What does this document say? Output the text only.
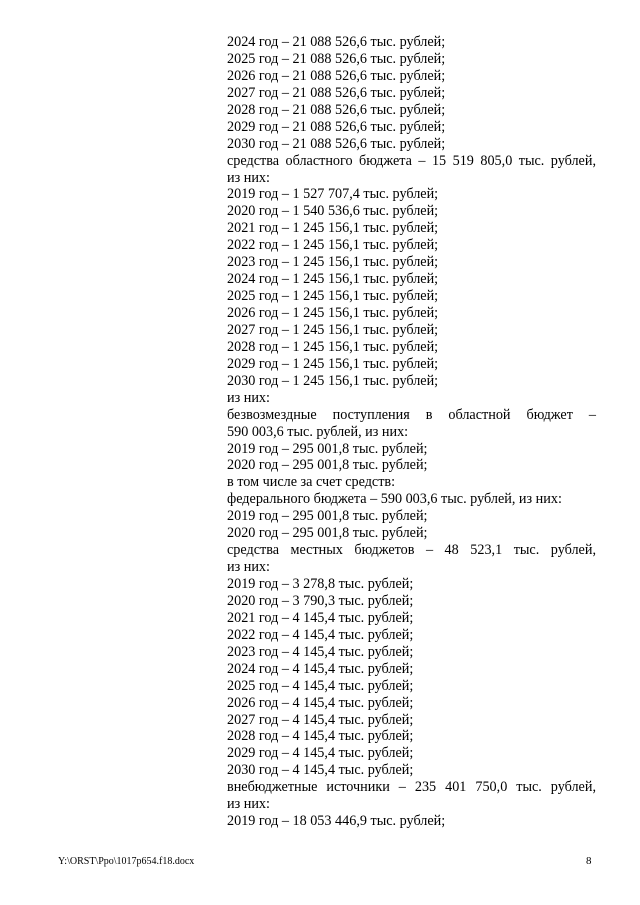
2024 год – 21 088 526,6 тыс. рублей;
2025 год – 21 088 526,6 тыс. рублей;
2026 год – 21 088 526,6 тыс. рублей;
2027 год – 21 088 526,6 тыс. рублей;
2028 год – 21 088 526,6 тыс. рублей;
2029 год – 21 088 526,6 тыс. рублей;
2030 год – 21 088 526,6 тыс. рублей;
средства областного бюджета – 15 519 805,0 тыс. рублей,
из них:
2019 год – 1 527 707,4 тыс. рублей;
2020 год – 1 540 536,6 тыс. рублей;
2021 год – 1 245 156,1 тыс. рублей;
2022 год – 1 245 156,1 тыс. рублей;
2023 год – 1 245 156,1 тыс. рублей;
2024 год – 1 245 156,1 тыс. рублей;
2025 год – 1 245 156,1 тыс. рублей;
2026 год – 1 245 156,1 тыс. рублей;
2027 год – 1 245 156,1 тыс. рублей;
2028 год – 1 245 156,1 тыс. рублей;
2029 год – 1 245 156,1 тыс. рублей;
2030 год – 1 245 156,1 тыс. рублей;
из них:
безвозмездные поступления в областной бюджет –
590 003,6 тыс. рублей, из них:
2019 год – 295 001,8 тыс. рублей;
2020 год – 295 001,8 тыс. рублей;
в том числе за счет средств:
федерального бюджета – 590 003,6 тыс. рублей, из них:
2019 год – 295 001,8 тыс. рублей;
2020 год – 295 001,8 тыс. рублей;
средства местных бюджетов – 48 523,1 тыс. рублей,
из них:
2019 год – 3 278,8 тыс. рублей;
2020 год – 3 790,3 тыс. рублей;
2021 год – 4 145,4 тыс. рублей;
2022 год – 4 145,4 тыс. рублей;
2023 год – 4 145,4 тыс. рублей;
2024 год – 4 145,4 тыс. рублей;
2025 год – 4 145,4 тыс. рублей;
2026 год – 4 145,4 тыс. рублей;
2027 год – 4 145,4 тыс. рублей;
2028 год – 4 145,4 тыс. рублей;
2029 год – 4 145,4 тыс. рублей;
2030 год – 4 145,4 тыс. рублей;
внебюджетные источники – 235 401 750,0 тыс. рублей,
из них:
2019 год – 18 053 446,9 тыс. рублей;
Y:\ORST\Ppo\1017p654.f18.docx	8
